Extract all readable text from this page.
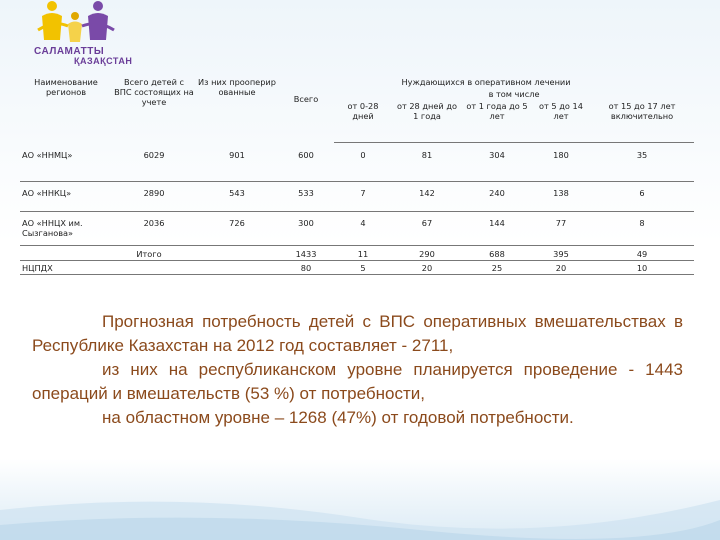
САЛАМАТТЫ
ҚАЗАҚСТАН
Наименование регионов	Всего детей с ВПС состоящих на учете	Из них прооперир ованные	Нуждающихся в оперативном лечении					
			Всего	в том числе				
				от 0-28 дней	от 28 дней до 1 года	от 1 года до 5 лет	от 5 до 14 лет	от 15 до 17 лет включительно
АО «ННМЦ»	6029	901	600	0	81	304	180	35
АО «ННКЦ»	2890	543	533	7	142	240	138	6
АО «ННЦХ им. Сызганова»	2036	726	300	4	67	144	77	8
Итого			1433	11	290	688	395	49
НЦПДХ			80	5	20	25	20	10

Прогнозная потребность детей с ВПС оперативных вмешательствах в Республике Казахстан на 2012 год составляет - 2711,

из них на республиканском уровне планируется проведение - 1443 операций и вмешательств (53 %) от потребности,

на областном уровне – 1268 (47%) от годовой потребности.
